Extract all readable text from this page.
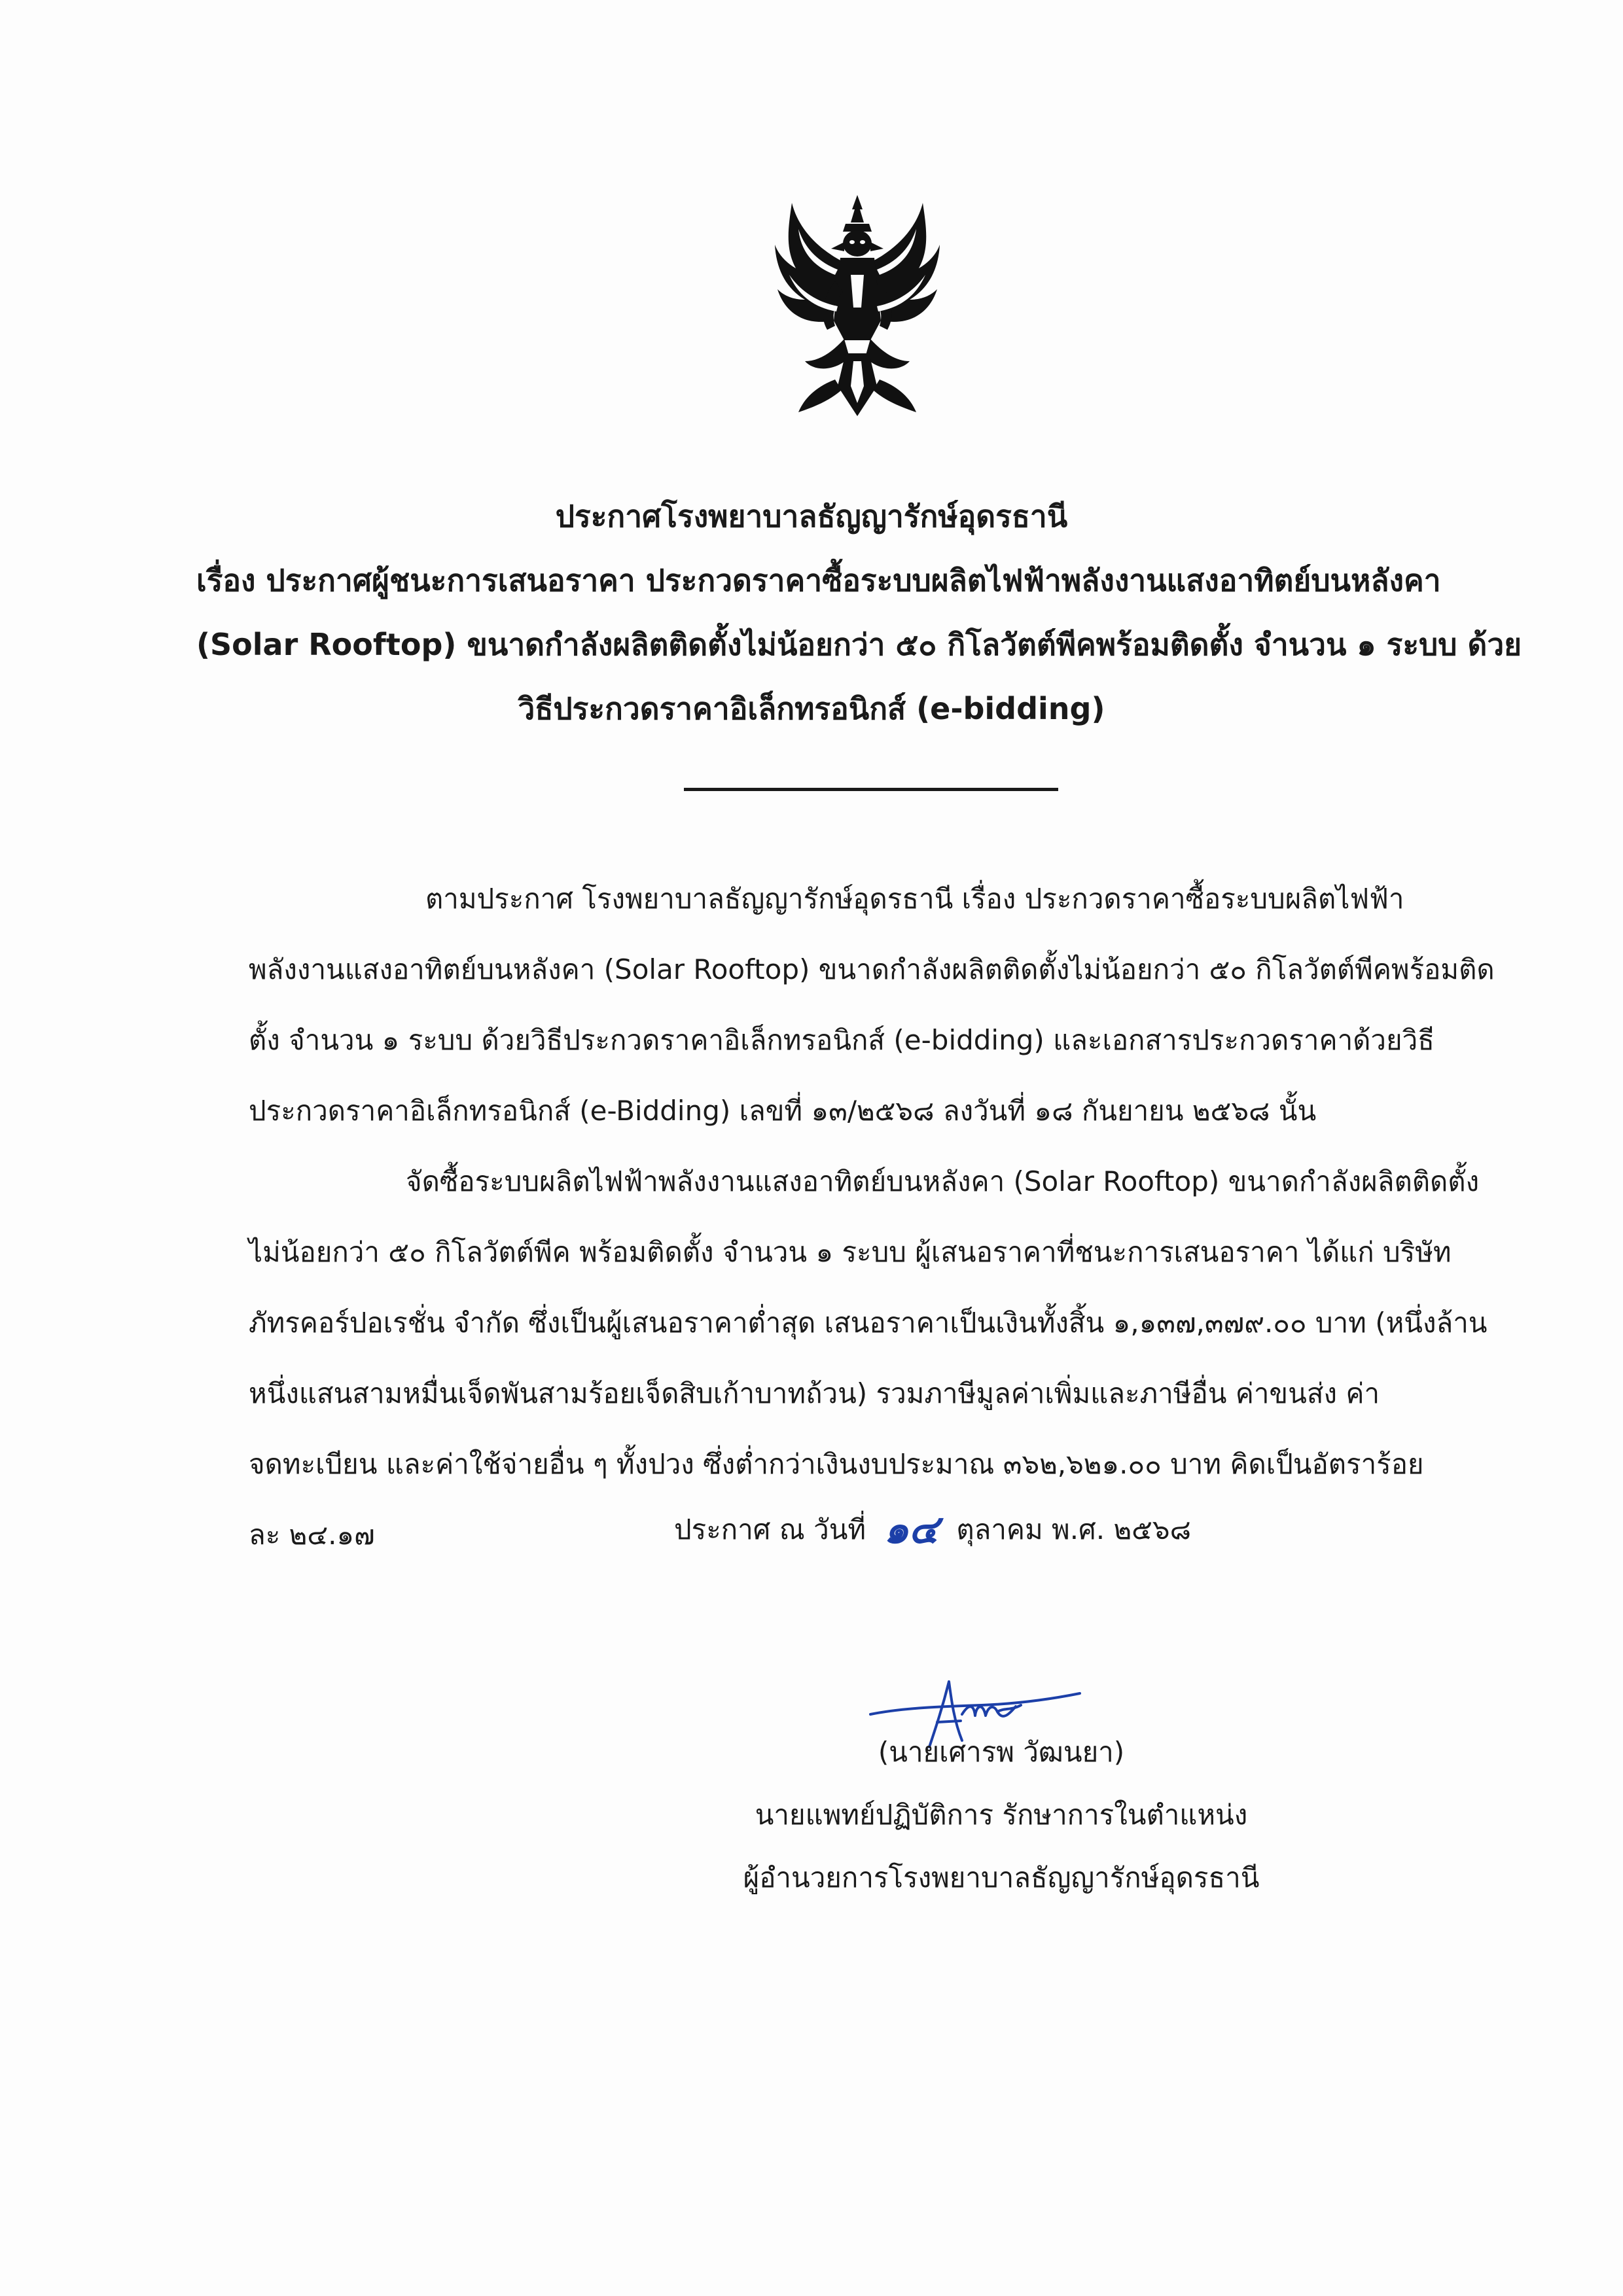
ประกาศโรงพยาบาลธัญญารักษ์อุดรธานี
เรื่อง ประกาศผู้ชนะการเสนอราคา ประกวดราคาซื้อระบบผลิตไฟฟ้าพลังงานแสงอาทิตย์บนหลังคา
(Solar Rooftop) ขนาดกำลังผลิตติดตั้งไม่น้อยกว่า ๕๐ กิโลวัตต์พีคพร้อมติดตั้ง จำนวน ๑ ระบบ ด้วย
วิธีประกวดราคาอิเล็กทรอนิกส์ (e-bidding)
ตามประกาศ โรงพยาบาลธัญญารักษ์อุดรธานี เรื่อง ประกวดราคาซื้อระบบผลิตไฟฟ้า
พลังงานแสงอาทิตย์บนหลังคา (Solar Rooftop) ขนาดกำลังผลิตติดตั้งไม่น้อยกว่า ๕๐ กิโลวัตต์พีคพร้อมติด
ตั้ง จำนวน ๑ ระบบ ด้วยวิธีประกวดราคาอิเล็กทรอนิกส์ (e-bidding) และเอกสารประกวดราคาด้วยวิธี
ประกวดราคาอิเล็กทรอนิกส์ (e-Bidding) เลขที่ ๑๓/๒๕๖๘ ลงวันที่ ๑๘ กันยายน ๒๕๖๘ นั้น
จัดซื้อระบบผลิตไฟฟ้าพลังงานแสงอาทิตย์บนหลังคา (Solar Rooftop) ขนาดกำลังผลิตติดตั้ง
ไม่น้อยกว่า ๕๐ กิโลวัตต์พีค พร้อมติดตั้ง จำนวน ๑ ระบบ ผู้เสนอราคาที่ชนะการเสนอราคา ได้แก่ บริษัท
ภัทรคอร์ปอเรชั่น จำกัด ซึ่งเป็นผู้เสนอราคาต่ำสุด เสนอราคาเป็นเงินทั้งสิ้น ๑,๑๓๗,๓๗๙.๐๐ บาท (หนึ่งล้าน
หนึ่งแสนสามหมื่นเจ็ดพันสามร้อยเจ็ดสิบเก้าบาทถ้วน) รวมภาษีมูลค่าเพิ่มและภาษีอื่น ค่าขนส่ง ค่า
จดทะเบียน และค่าใช้จ่ายอื่น ๆ ทั้งปวง ซึ่งต่ำกว่าเงินงบประมาณ ๓๖๒,๖๒๑.๐๐ บาท คิดเป็นอัตราร้อย
ละ ๒๔.๑๗	ประกาศ ณ วันที่ ๑๔ ตุลาคม พ.ศ. ๒๕๖๘
(นายเศารพ วัฒนยา)
นายแพทย์ปฏิบัติการ รักษาการในตำแหน่ง
ผู้อำนวยการโรงพยาบาลธัญญารักษ์อุดรธานี
